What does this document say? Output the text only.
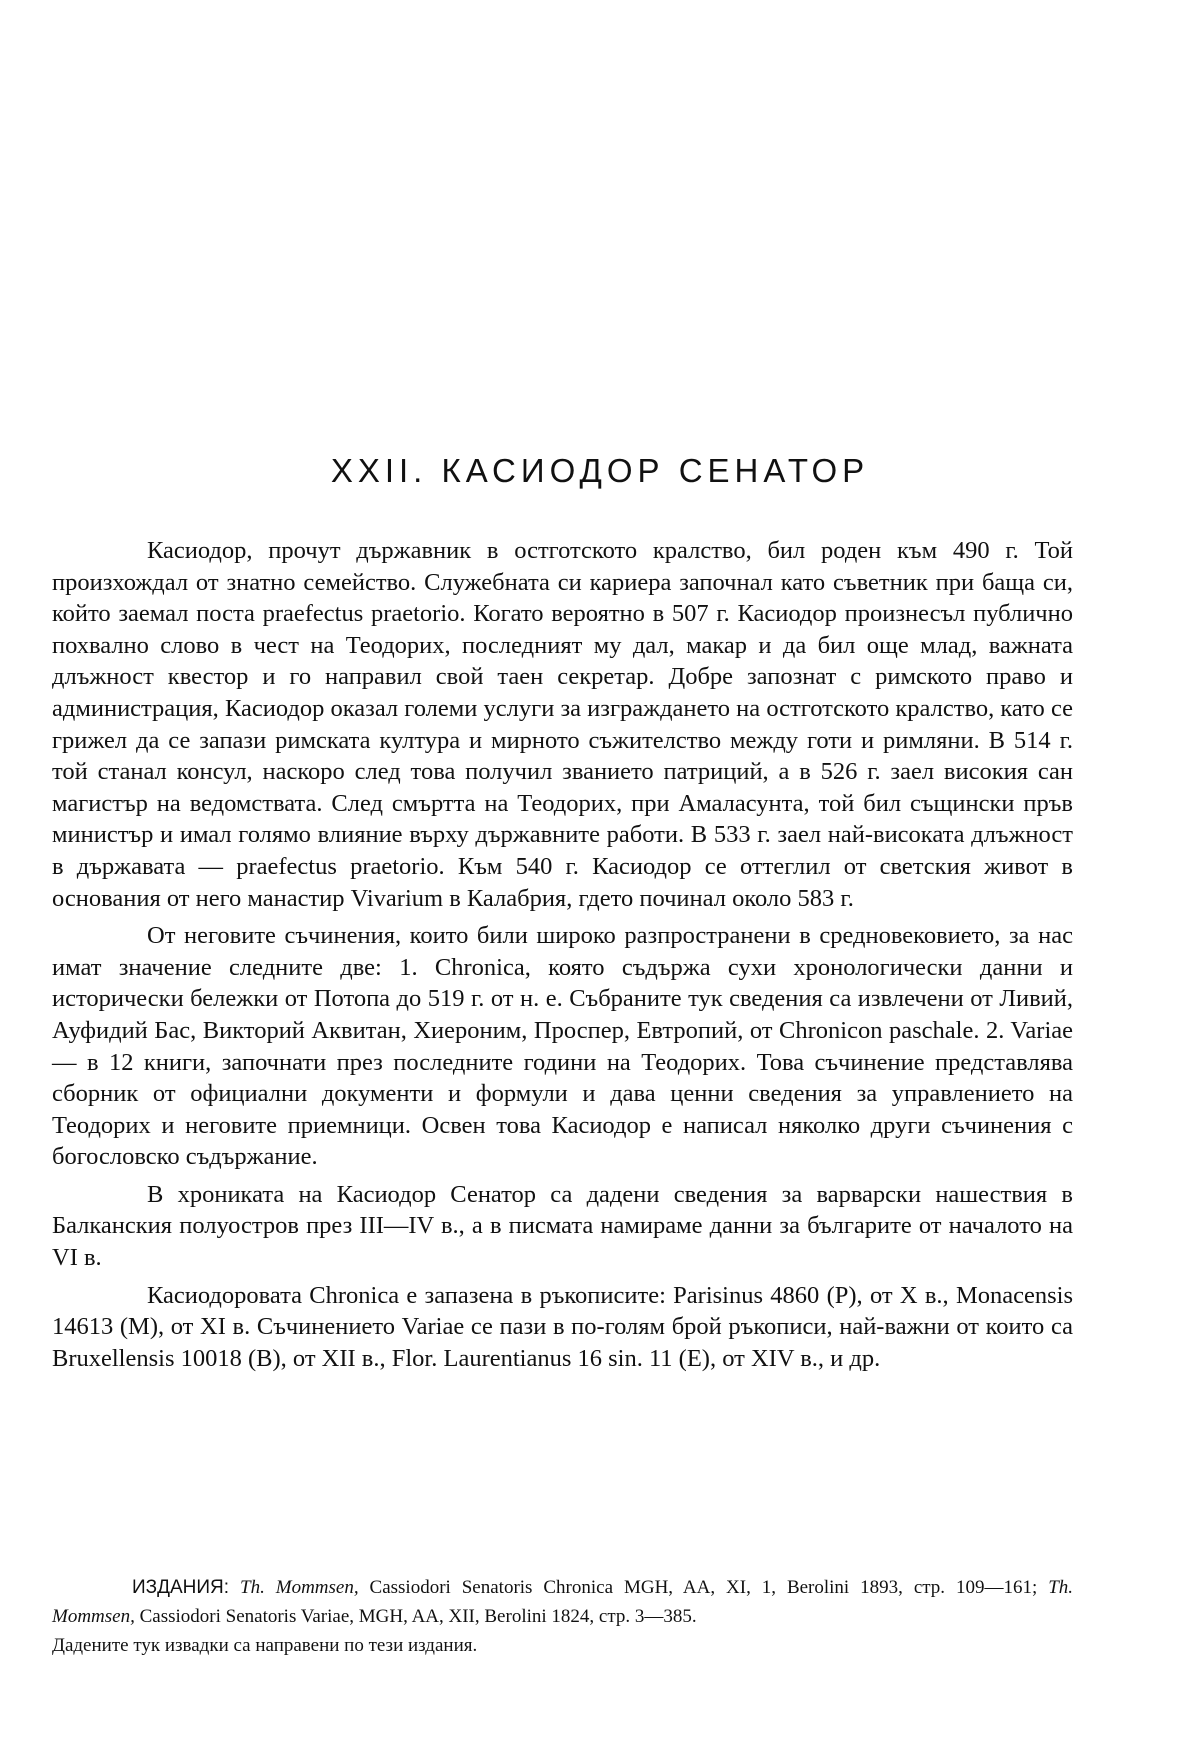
XXII. КАСИОДОР СЕНАТОР

Касиодор, прочут държавник в остготското кралство, бил роден към 490 г. Той произхождал от знатно семейство. Служебната си кариера започнал като съветник при баща си, който заемал поста praefectus praetorio. Когато вероятно в 507 г. Касиодор произнесъл публично похвално слово в чест на Теодорих, последният му дал, макар и да бил още млад, важната длъжност квестор и го направил свой таен секретар. Добре запознат с римското право и администрация, Касиодор оказал големи услуги за изграждането на остготското кралство, като се грижел да се запази римската култура и мирното съжителство между готи и римляни. В 514 г. той станал консул, наскоро след това получил званието патриций, а в 526 г. заел високия сан магистър на ведомствата. След смъртта на Теодорих, при Амаласунта, той бил същински пръв министър и имал голямо влияние върху държавните работи. В 533 г. заел най-високата длъжност в държавата — praefectus praetorio. Към 540 г. Касиодор се оттеглил от светския живот в основания от него манастир Vivarium в Калабрия, гдето починал около 583 г.

От неговите съчинения, които били широко разпространени в средновековието, за нас имат значение следните две: 1. Chronica, която съдържа сухи хронологически данни и исторически бележки от Потопа до 519 г. от н. е. Събраните тук сведения са извлечени от Ливий, Ауфидий Бас, Викторий Аквитан, Хиероним, Проспер, Евтропий, от Chronicon paschale. 2. Variae — в 12 книги, започнати през последните години на Теодорих. Това съчинение представлява сборник от официални документи и формули и дава ценни сведения за управлението на Теодорих и неговите приемници. Освен това Касиодор е написал няколко други съчинения с богословско съдържание.

В хрониката на Касиодор Сенатор са дадени сведения за варварски нашествия в Балканския полуостров през III—IV в., а в писмата намираме данни за българите от началото на VI в.

Касиодоровата Chronica е запазена в ръкописите: Parisinus 4860 (P), от X в., Monacensis 14613 (M), от XI в. Съчинението Variae се пази в по-голям брой ръкописи, най-важни от които са Bruxellensis 10018 (B), от XII в., Flor. Laurentianus 16 sin. 11 (E), от XIV в., и др.

ИЗДАНИЯ: Th. Mommsen, Cassiodori Senatoris Chronica MGH, AA, XI, 1, Berolini 1893, стр. 109—161; Th. Mommsen, Cassiodori Senatoris Variae, MGH, AA, XII, Berolini 1824, стр. 3—385.
Дадените тук извадки са направени по тези издания.
